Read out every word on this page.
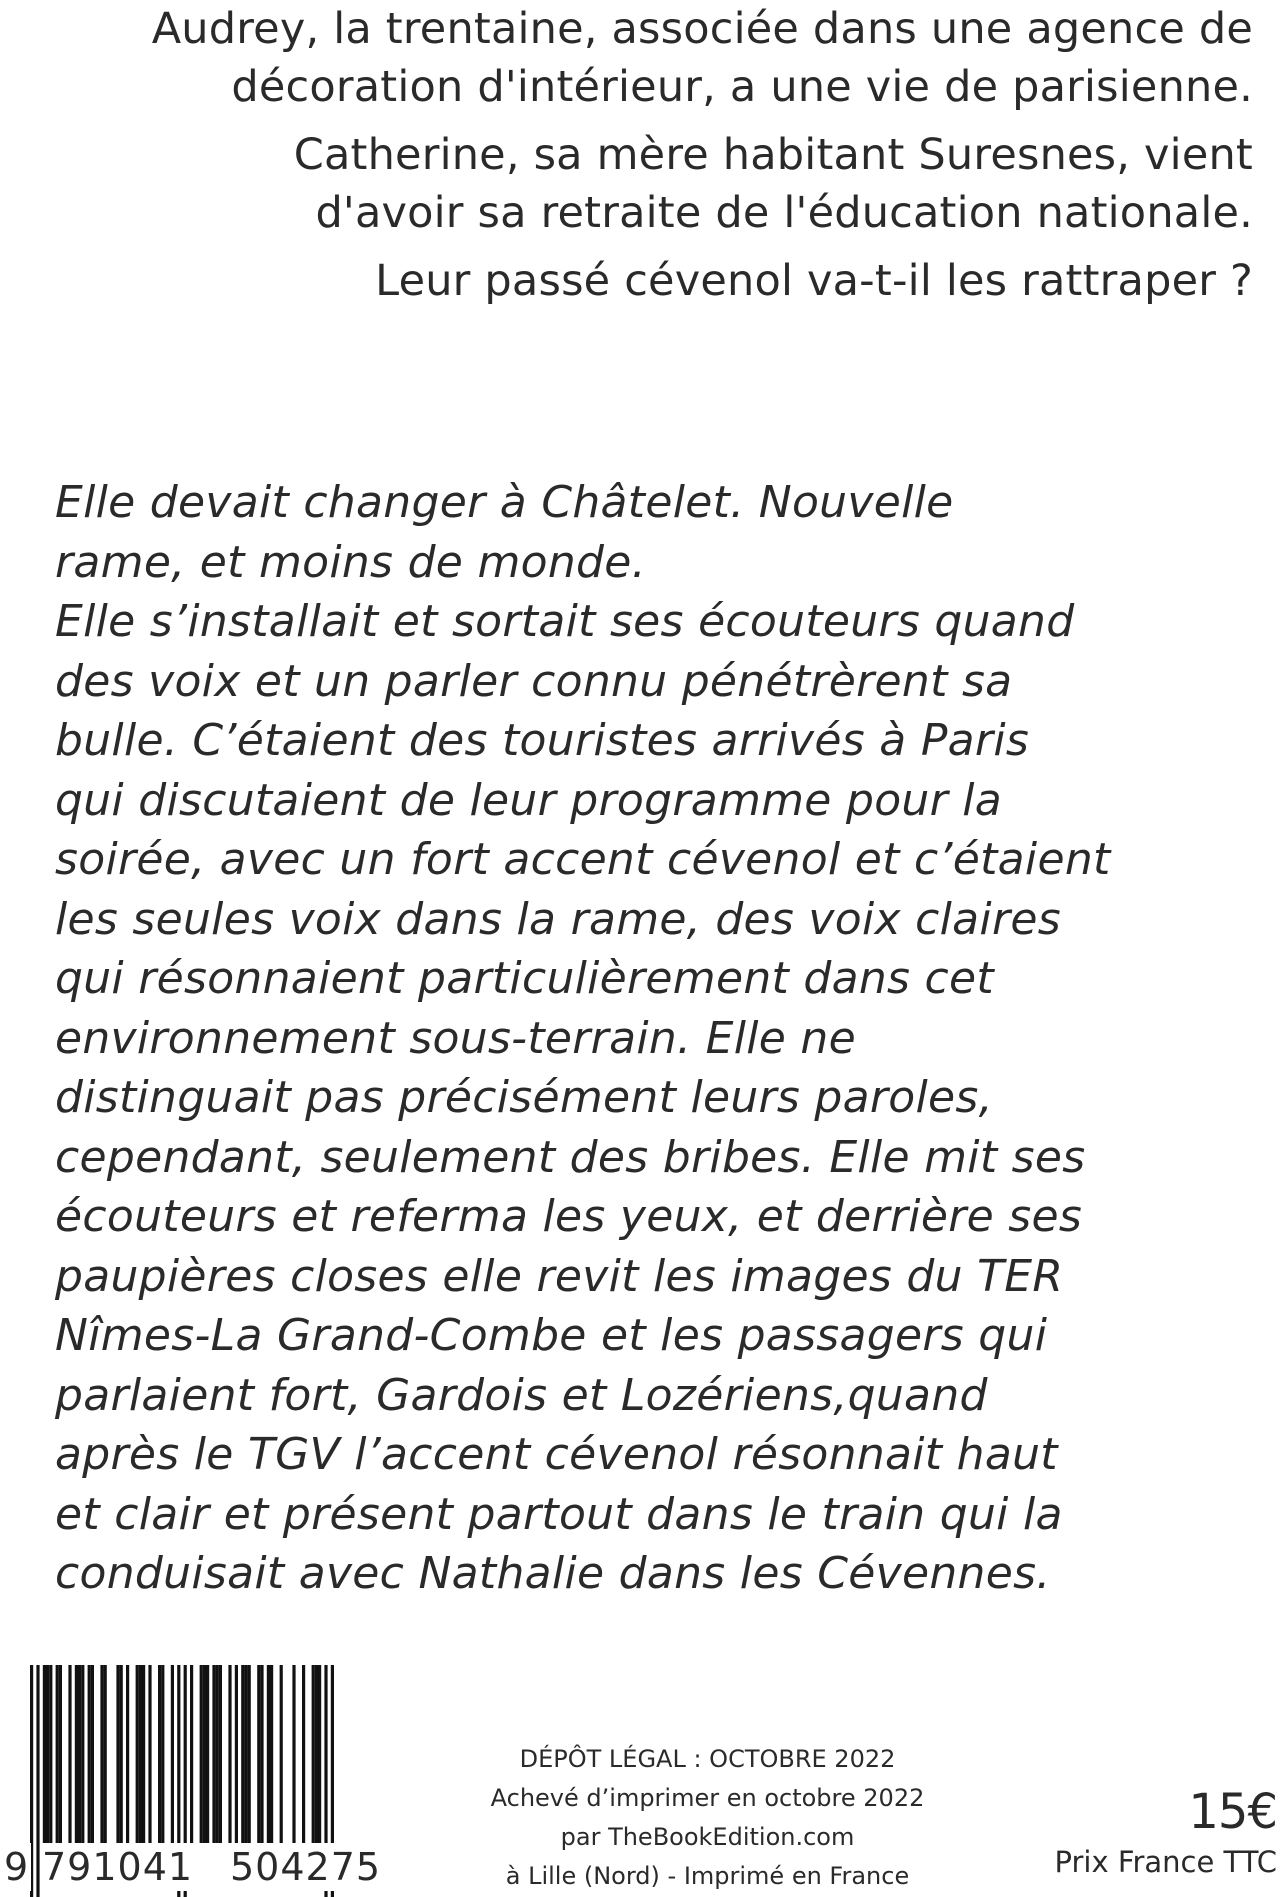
Audrey, la trentaine, associée dans une agence de décoration d'intérieur, a une vie de parisienne.

Catherine, sa mère habitant Suresnes, vient d'avoir sa retraite de l'éducation nationale.

Leur passé cévenol va-t-il les rattraper ?

Elle devait changer à Châtelet. Nouvelle

rame, et moins de monde.

Elle s’installait et sortait ses écouteurs quand

des voix et un parler connu pénétrèrent sa

bulle. C’étaient des touristes arrivés à Paris

qui discutaient de leur programme pour la

soirée, avec un fort accent cévenol et c’étaient

les seules voix dans la rame, des voix claires

qui résonnaient particulièrement dans cet

environnement sous-terrain. Elle ne

distinguait pas précisément leurs paroles,

cependant, seulement des bribes. Elle mit ses

écouteurs et referma les yeux, et derrière ses

paupières closes elle revit les images du TER

Nîmes-La Grand-Combe et les passagers qui

parlaient fort, Gardois et Lozériens,quand

après le TGV l’accent cévenol résonnait haut

et clair et présent partout dans le train qui la

conduisait avec Nathalie dans les Cévennes.

9 791041 504275

DÉPÔT LÉGAL : OCTOBRE 2022

Achevé d’imprimer en octobre 2022

par TheBookEdition.com

à Lille (Nord) - Imprimé en France

15€
Prix France TTC
